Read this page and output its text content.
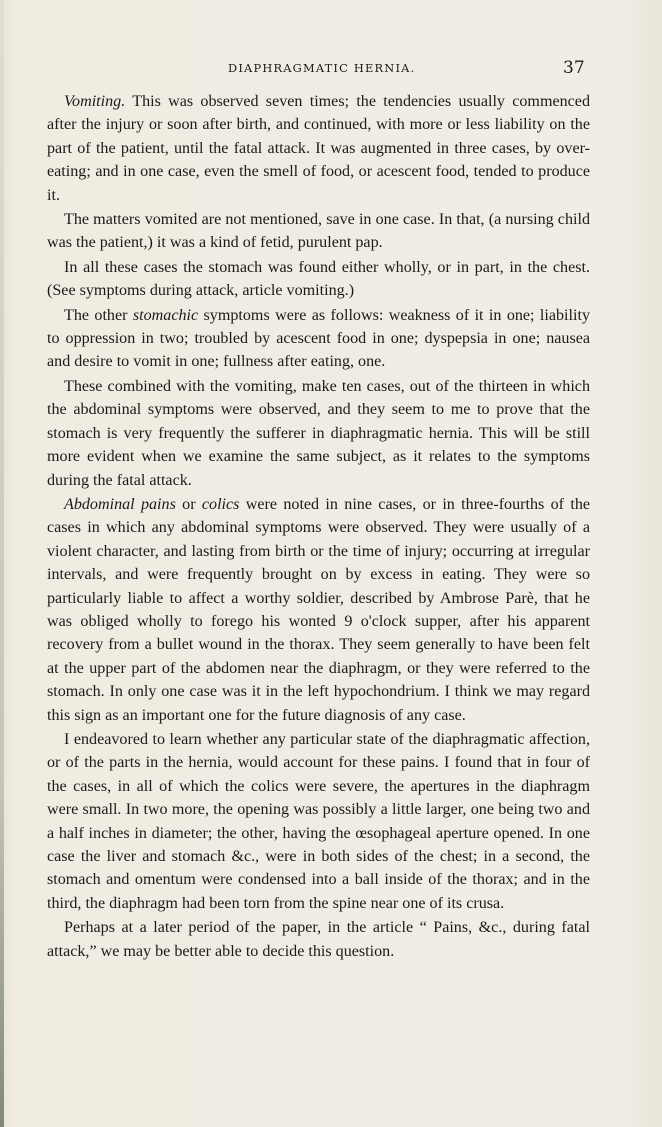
DIAPHRAGMATIC HERNIA.	37

Vomiting. This was observed seven times; the tendencies usually commenced after the injury or soon after birth, and continued, with more or less liability on the part of the patient, until the fatal attack. It was augmented in three cases, by over-eating; and in one case, even the smell of food, or acescent food, tended to produce it.

The matters vomited are not mentioned, save in one case. In that, (a nursing child was the patient,) it was a kind of fetid, purulent pap.

In all these cases the stomach was found either wholly, or in part, in the chest. (See symptoms during attack, article vomiting.)

The other stomachic symptoms were as follows: weakness of it in one; liability to oppression in two; troubled by acescent food in one; dyspepsia in one; nausea and desire to vomit in one; fullness after eating, one.

These combined with the vomiting, make ten cases, out of the thirteen in which the abdominal symptoms were observed, and they seem to me to prove that the stomach is very frequently the sufferer in diaphragmatic hernia. This will be still more evident when we examine the same subject, as it relates to the symptoms during the fatal attack.

Abdominal pains or colics were noted in nine cases, or in three-fourths of the cases in which any abdominal symptoms were observed. They were usually of a violent character, and lasting from birth or the time of injury; occurring at irregular intervals, and were frequently brought on by excess in eating. They were so particularly liable to affect a worthy soldier, described by Ambrose Parè, that he was obliged wholly to forego his wonted 9 o'clock supper, after his apparent recovery from a bullet wound in the thorax. They seem generally to have been felt at the upper part of the abdomen near the diaphragm, or they were referred to the stomach. In only one case was it in the left hypochondrium. I think we may regard this sign as an important one for the future diagnosis of any case.

I endeavored to learn whether any particular state of the diaphragmatic affection, or of the parts in the hernia, would account for these pains. I found that in four of the cases, in all of which the colics were severe, the apertures in the diaphragm were small. In two more, the opening was possibly a little larger, one being two and a half inches in diameter; the other, having the œsophageal aperture opened. In one case the liver and stomach &c., were in both sides of the chest; in a second, the stomach and omentum were condensed into a ball inside of the thorax; and in the third, the diaphragm had been torn from the spine near one of its crusa.

Perhaps at a later period of the paper, in the article “ Pains, &c., during fatal attack,” we may be better able to decide this question.
